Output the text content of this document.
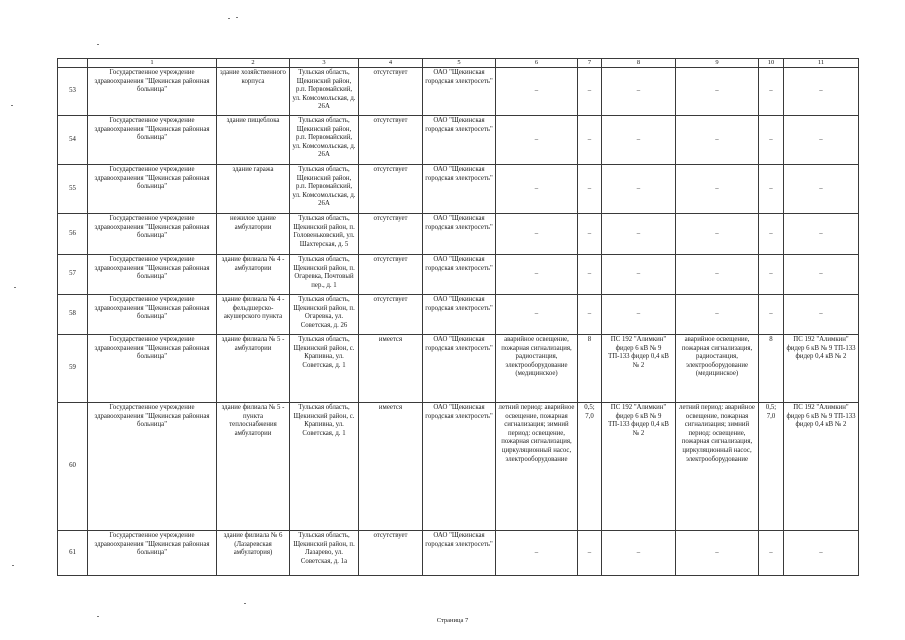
	1	2	3	4	5	6	7	8	9	10	11
53	Государственное учреждение здравоохранения "Щекинская районная больница"	здание хозяйственного корпуса	Тульская область, Щекинский район, р.п. Первомайский, ул. Комсомольская, д. 26А	отсутствует	ОАО "Щекинская городская электросеть"	–	–	–	–	–	–
54	Государственное учреждение здравоохранения "Щекинская районная больница"	здание пищеблока	Тульская область, Щекинский район, р.п. Первомайский, ул. Комсомольская, д. 26А	отсутствует	ОАО "Щекинская городская электросеть"	–	–	–	–	–	–
55	Государственное учреждение здравоохранения "Щекинская районная больница"	здание гаража	Тульская область, Щекинский район, р.п. Первомайский, ул. Комсомольская, д. 26А	отсутствует	ОАО "Щекинская городская электросеть"	–	–	–	–	–	–
56	Государственное учреждение здравоохранения "Щекинская районная больница"	нежилое здание амбулатории	Тульская область, Щекинский район, п. Головеньковский, ул. Шахтерская, д. 5	отсутствует	ОАО "Щекинская городская электросеть"	–	–	–	–	–	–
57	Государственное учреждение здравоохранения "Щекинская районная больница"	здание филиала № 4 - амбулатории	Тульская область, Щекинский район, п. Огаревка, Почтовый пер., д. 1	отсутствует	ОАО "Щекинская городская электросеть"	–	–	–	–	–	–
58	Государственное учреждение здравоохранения "Щекинская районная больница"	здание филиала № 4 - фельдшерско-акушерского пункта	Тульская область, Щекинский район, п. Огаревка, ул. Советская, д. 26	отсутствует	ОАО "Щекинская городская электросеть"	–	–	–	–	–	–
59	Государственное учреждение здравоохранения "Щекинская районная больница"	здание филиала № 5 - амбулатории	Тульская область, Щекинский район, с. Крапивна, ул. Советская, д. 1	имеется	ОАО "Щекинская городская электросеть"	аварийное освещение, пожарная сигнализация, радиостанция, электрооборудование (медицинское)	8	ПС 192 "Алимкин" фидер 6 кВ № 9 ТП-133 фидер 0,4 кВ № 2	аварийное освещение, пожарная сигнализация, радиостанция, электрооборудование (медицинское)	8	ПС 192 "Алимкин" фидер 6 кВ № 9 ТП-133 фидер 0,4 кВ № 2
60	Государственное учреждение здравоохранения "Щекинская районная больница"	здание филиала № 5 - пункта теплоснабжения амбулатории	Тульская область, Щекинский район, с. Крапивна, ул. Советская, д. 1	имеется	ОАО "Щекинская городская электросеть"	летний период: аварийное освещение, пожарная сигнализация; зимний период: освещение, пожарная сигнализация, циркуляционный насос, электрооборудование	0,5; 7,0	ПС 192 "Алимкин" фидер 6 кВ № 9 ТП-133 фидер 0,4 кВ № 2	летний период: аварийное освещение, пожарная сигнализация; зимний период: освещение, пожарная сигнализация, циркуляционный насос, электрооборудование	0,5; 7,0	ПС 192 "Алимкин" фидер 6 кВ № 9 ТП-133 фидер 0,4 кВ № 2
61	Государственное учреждение здравоохранения "Щекинская районная больница"	здание филиала № 6 (Лазаревская амбулатория)	Тульская область, Щекинский район, п. Лазарево, ул. Советская, д. 1а	отсутствует	ОАО "Щекинская городская электросеть"	–	–	–	–	–	–
Страница 7
